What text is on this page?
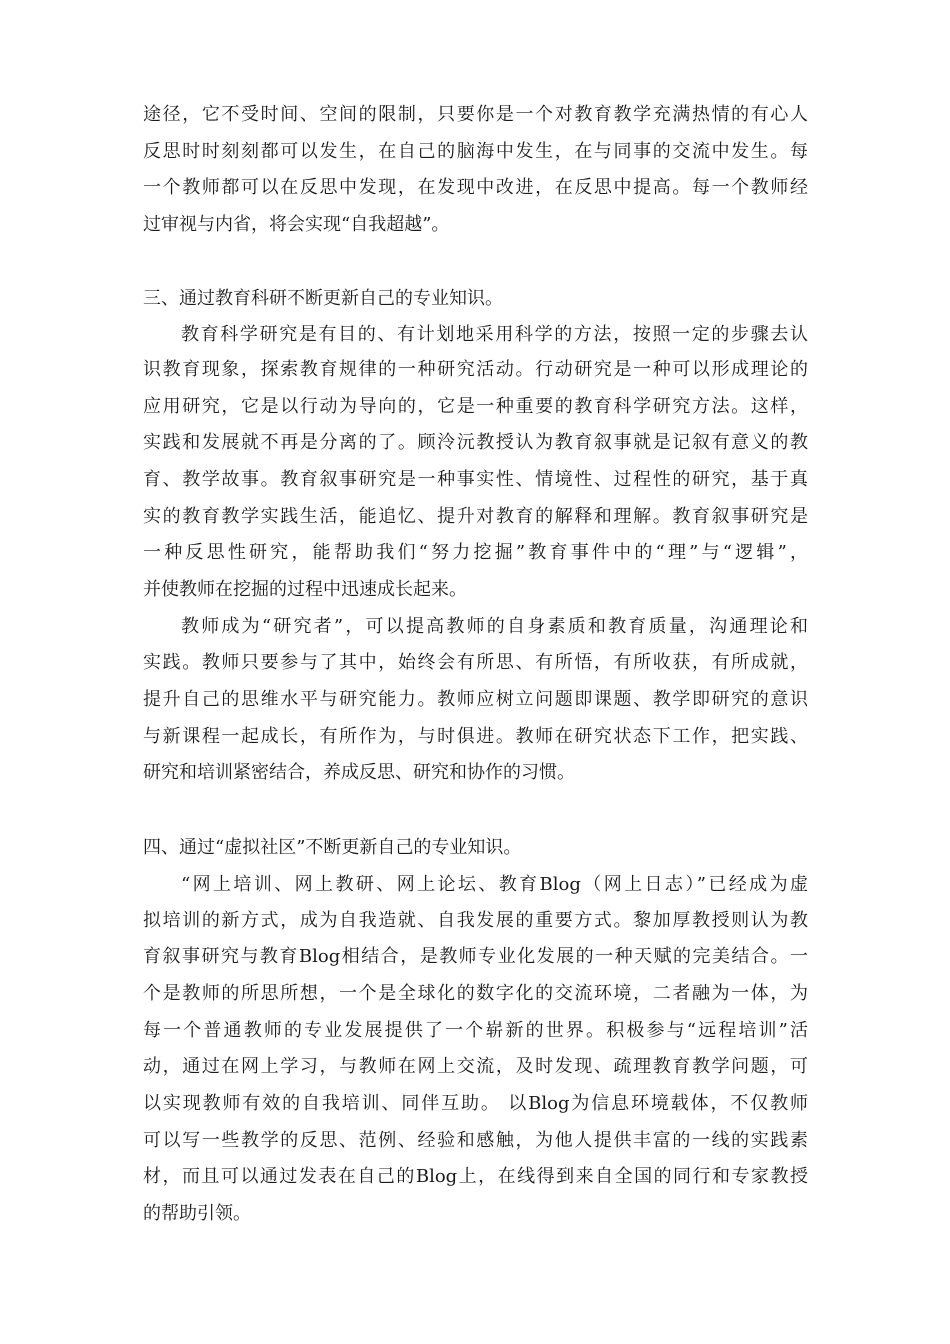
途径，它不受时间、空间的限制，只要你是一个对教育教学充满热情的有心人
反思时时刻刻都可以发生，在自己的脑海中发生，在与同事的交流中发生。每
一个教师都可以在反思中发现，在发现中改进，在反思中提高。每一个教师经
过审视与内省，将会实现“自我超越”。
三、通过教育科研不断更新自己的专业知识。
教育科学研究是有目的、有计划地采用科学的方法，按照一定的步骤去认
识教育现象，探索教育规律的一种研究活动。行动研究是一种可以形成理论的
应用研究，它是以行动为导向的，它是一种重要的教育科学研究方法。这样，
实践和发展就不再是分离的了。顾泠沅教授认为教育叙事就是记叙有意义的教
育、教学故事。教育叙事研究是一种事实性、情境性、过程性的研究，基于真
实的教育教学实践生活，能追忆、提升对教育的解释和理解。教育叙事研究是
一种反思性研究，能帮助我们“努力挖掘”教育事件中的“理”与“逻辑”，
并使教师在挖掘的过程中迅速成长起来。
教师成为“研究者”，可以提高教师的自身素质和教育质量，沟通理论和
实践。教师只要参与了其中，始终会有所思、有所悟，有所收获，有所成就，
提升自己的思维水平与研究能力。教师应树立问题即课题、教学即研究的意识
与新课程一起成长，有所作为，与时俱进。教师在研究状态下工作，把实践、
研究和培训紧密结合，养成反思、研究和协作的习惯。
四、通过“虚拟社区”不断更新自己的专业知识。
“网上培训、网上教研、网上论坛、教育Blog（网上日志）”已经成为虚
拟培训的新方式，成为自我造就、自我发展的重要方式。黎加厚教授则认为教
育叙事研究与教育Blog相结合，是教师专业化发展的一种天赋的完美结合。一
个是教师的所思所想，一个是全球化的数字化的交流环境，二者融为一体，为
每一个普通教师的专业发展提供了一个崭新的世界。积极参与“远程培训”活
动，通过在网上学习，与教师在网上交流，及时发现、疏理教育教学问题，可
以实现教师有效的自我培训、同伴互助。 以Blog为信息环境载体，不仅教师
可以写一些教学的反思、范例、经验和感触，为他人提供丰富的一线的实践素
材，而且可以通过发表在自己的Blog上，在线得到来自全国的同行和专家教授
的帮助引领。
